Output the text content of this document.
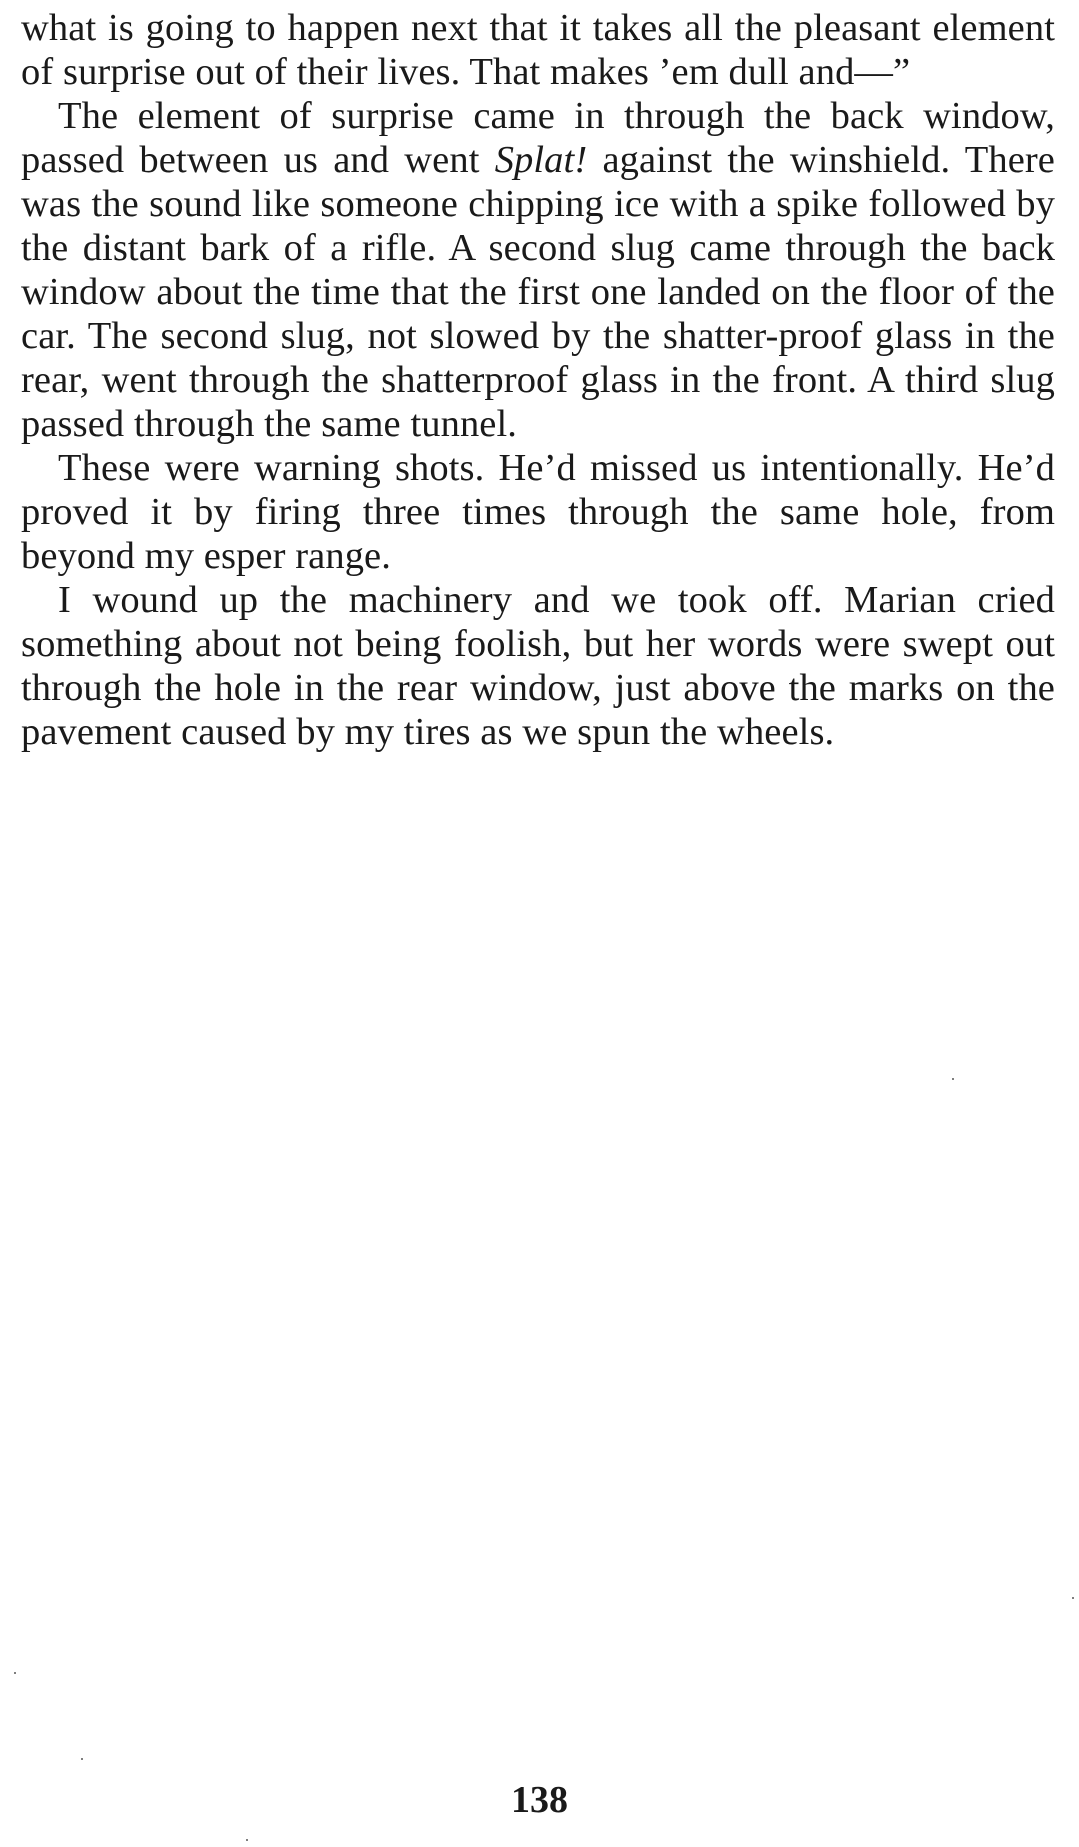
what is going to happen next that it takes all the pleasant element of surprise out of their lives. That makes ’em dull and—”

The element of surprise came in through the back window, passed between us and went Splat! against the winshield. There was the sound like someone chipping ice with a spike followed by the distant bark of a rifle. A second slug came through the back window about the time that the first one landed on the floor of the car. The second slug, not slowed by the shatter-proof glass in the rear, went through the shatterproof glass in the front. A third slug passed through the same tunnel.

These were warning shots. He’d missed us intentionally. He’d proved it by firing three times through the same hole, from beyond my esper range.

I wound up the machinery and we took off. Marian cried something about not being foolish, but her words were swept out through the hole in the rear window, just above the marks on the pavement caused by my tires as we spun the wheels.

138
